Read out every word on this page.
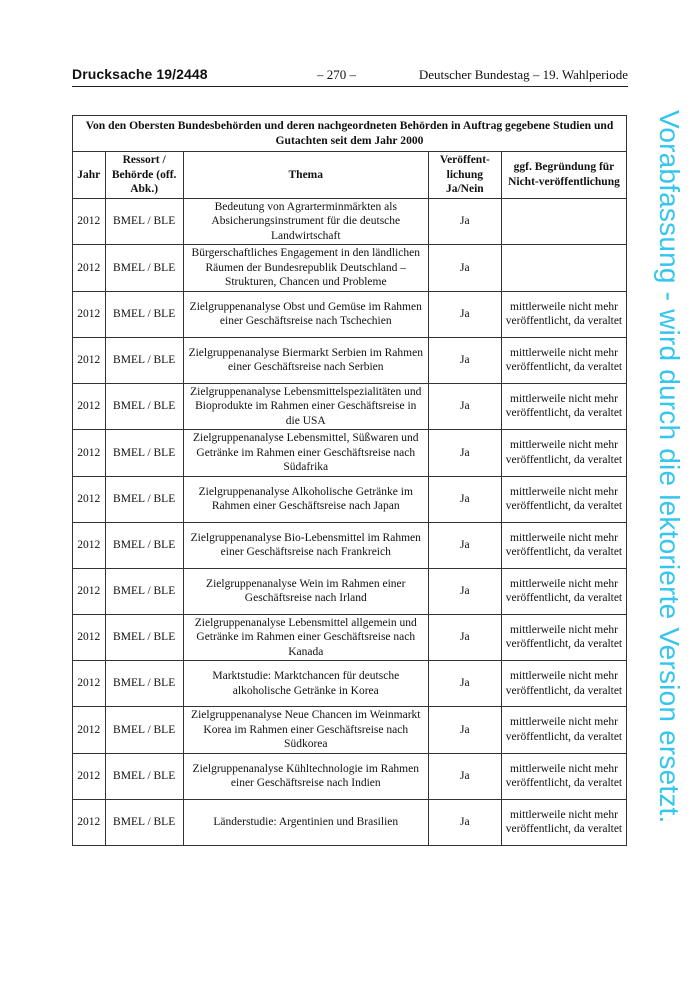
Drucksache 19/2448	– 270 –	Deutscher Bundestag – 19. Wahlperiode
Von den Obersten Bundesbehörden und deren nachgeordneten Behörden in Auftrag gegebene Studien und Gutachten seit dem Jahr 2000				
Jahr	Ressort / Behörde (off. Abk.)	Thema	Veröffent-lichung Ja/Nein	ggf. Begründung für Nicht-veröffentlichung
2012	BMEL / BLE	Bedeutung von Agrarterminmärkten als Absicherungsinstrument für die deutsche Landwirtschaft	Ja	
2012	BMEL / BLE	Bürgerschaftliches Engagement in den ländlichen Räumen der Bundesrepublik Deutschland – Strukturen, Chancen und Probleme	Ja	
2012	BMEL / BLE	Zielgruppenanalyse Obst und Gemüse im Rahmen einer Geschäftsreise nach Tschechien	Ja	mittlerweile nicht mehr veröffentlicht, da veraltet
2012	BMEL / BLE	Zielgruppenanalyse Biermarkt Serbien im Rahmen einer Geschäftsreise nach Serbien	Ja	mittlerweile nicht mehr veröffentlicht, da veraltet
2012	BMEL / BLE	Zielgruppenanalyse Lebensmittelspezialitäten und Bioprodukte im Rahmen einer Geschäftsreise in die USA	Ja	mittlerweile nicht mehr veröffentlicht, da veraltet
2012	BMEL / BLE	Zielgruppenanalyse Lebensmittel, Süßwaren und Getränke im Rahmen einer Geschäftsreise nach Südafrika	Ja	mittlerweile nicht mehr veröffentlicht, da veraltet
2012	BMEL / BLE	Zielgruppenanalyse Alkoholische Getränke im Rahmen einer Geschäftsreise nach Japan	Ja	mittlerweile nicht mehr veröffentlicht, da veraltet
2012	BMEL / BLE	Zielgruppenanalyse Bio-Lebensmittel im Rahmen einer Geschäftsreise nach Frankreich	Ja	mittlerweile nicht mehr veröffentlicht, da veraltet
2012	BMEL / BLE	Zielgruppenanalyse Wein im Rahmen einer Geschäftsreise nach Irland	Ja	mittlerweile nicht mehr veröffentlicht, da veraltet
2012	BMEL / BLE	Zielgruppenanalyse Lebensmittel allgemein und Getränke im Rahmen einer Geschäftsreise nach Kanada	Ja	mittlerweile nicht mehr veröffentlicht, da veraltet
2012	BMEL / BLE	Marktstudie: Marktchancen für deutsche alkoholische Getränke in Korea	Ja	mittlerweile nicht mehr veröffentlicht, da veraltet
2012	BMEL / BLE	Zielgruppenanalyse Neue Chancen im Weinmarkt Korea im Rahmen einer Geschäftsreise nach Südkorea	Ja	mittlerweile nicht mehr veröffentlicht, da veraltet
2012	BMEL / BLE	Zielgruppenanalyse Kühltechnologie im Rahmen einer Geschäftsreise nach Indien	Ja	mittlerweile nicht mehr veröffentlicht, da veraltet
2012	BMEL / BLE	Länderstudie: Argentinien und Brasilien	Ja	mittlerweile nicht mehr veröffentlicht, da veraltet
Vorabfassung - wird durch die lektorierte Version ersetzt.
